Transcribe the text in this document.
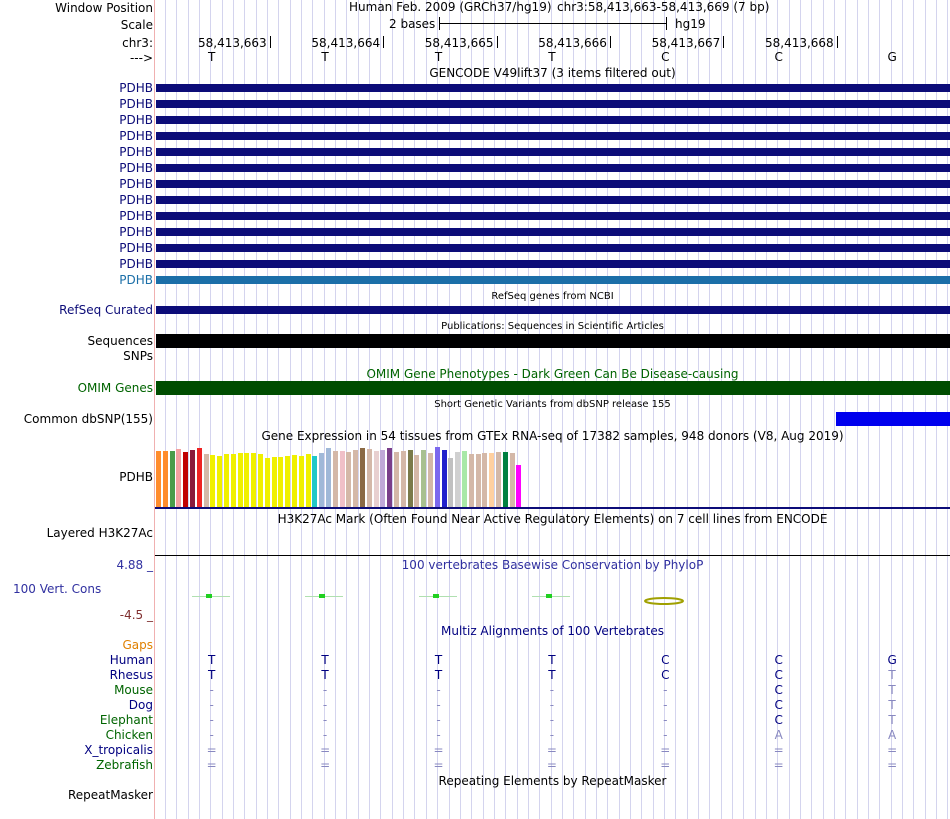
Window Position	Human Feb. 2009 (GRCh37/hg19) chr3:58,413,663-58,413,669 (7 bp)
Scale	2 bases	hg19
chr3:	58,413,663	58,413,664	58,413,665	58,413,666	58,413,667	58,413,668
--->	T	T	T	T	C	C	G
GENCODE V49lift37 (3 items filtered out)
PDHB
PDHB
PDHB
PDHB
PDHB
PDHB
PDHB
PDHB
PDHB
PDHB
PDHB
PDHB
PDHB
RefSeq genes from NCBI
RefSeq Curated
Publications: Sequences in Scientific Articles
Sequences
SNPs
OMIM Gene Phenotypes - Dark Green Can Be Disease-causing
OMIM Genes
Short Genetic Variants from dbSNP release 155
Common dbSNP(155)
Gene Expression in 54 tissues from GTEx RNA-seq of 17382 samples, 948 donors (V8, Aug 2019)
PDHB
H3K27Ac Mark (Often Found Near Active Regulatory Elements) on 7 cell lines from ENCODE
Layered H3K27Ac
100 vertebrates Basewise Conservation by PhyloP
4.88 _
100 Vert. Cons
-4.5 _
Multiz Alignments of 100 Vertebrates
Gaps
Human	T	T	T	T	C	C	G
Rhesus	T	T	T	T	C	C	T
Mouse	-	-	-	-	-	C	T
Dog	-	-	-	-	-	C	T
Elephant	-	-	-	-	-	C	T
Chicken	-	-	-	-	-	A	A
X_tropicalis	=	=	=	=	=	=	=
Zebrafish	=	=	=	=	=	=	=
Repeating Elements by RepeatMasker
RepeatMasker
